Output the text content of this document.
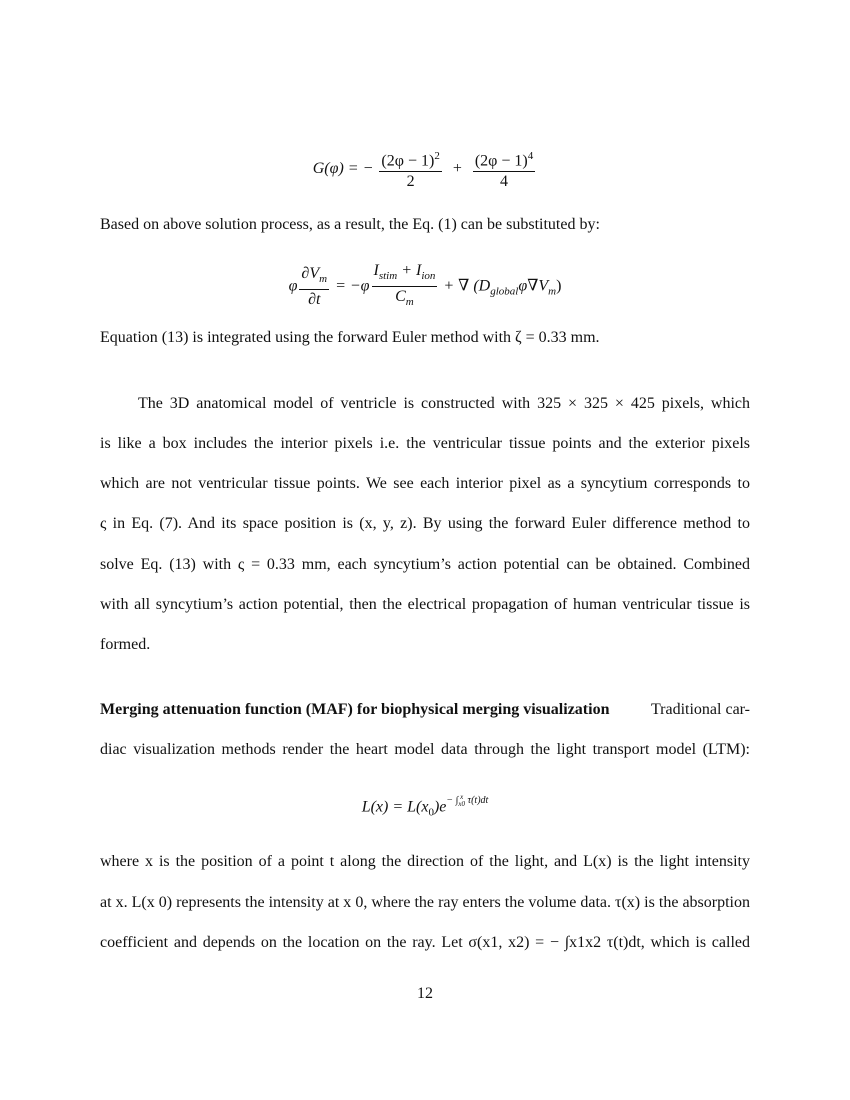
G(φ) = − $\frac{(2\varphi - 1)^2}{2} + \frac{(2\varphi - 1)^4}{4}$
Based on above solution process, as a result, the Eq. (1) can be substituted by:
φ $\frac{\partial V_m}{\partial t} = -\varphi \frac{I_{stim} + I_{ion}}{C_m}$ + ∇ $(D_{global}\varphi\nabla V_m)$
Equation (13) is integrated using the forward Euler method with ζ = 0.33 mm.
The 3D anatomical model of ventricle is constructed with 325 × 325 × 425 pixels, which
is like a box includes the interior pixels i.e. the ventricular tissue points and the exterior pixels
which are not ventricular tissue points. We see each interior pixel as a syncytium corresponds to
ς in Eq. (7). And its space position is (x, y, z). By using the forward Euler difference method to
solve Eq. (13) with ς = 0.33 mm, each syncytium’s action potential can be obtained. Combined
with all syncytium’s action potential, then the electrical propagation of human ventricular tissue is
formed.
Merging attenuation function (MAF) for biophysical merging visualization	Traditional car-
diac visualization methods render the heart model data through the light transport model (LTM):
$L(x) = L(x_0)e^{- \int x x0 \tau(t)dt}$
where x is the position of a point t along the direction of the light, and L(x) is the light intensity
at x. L(x 0) represents the intensity at x 0, where the ray enters the volume data. τ(x) is the absorption
coefficient and depends on the location on the ray. Let σ(x1, x2) = − ∫x1x2 τ(t)dt, which is called
12
